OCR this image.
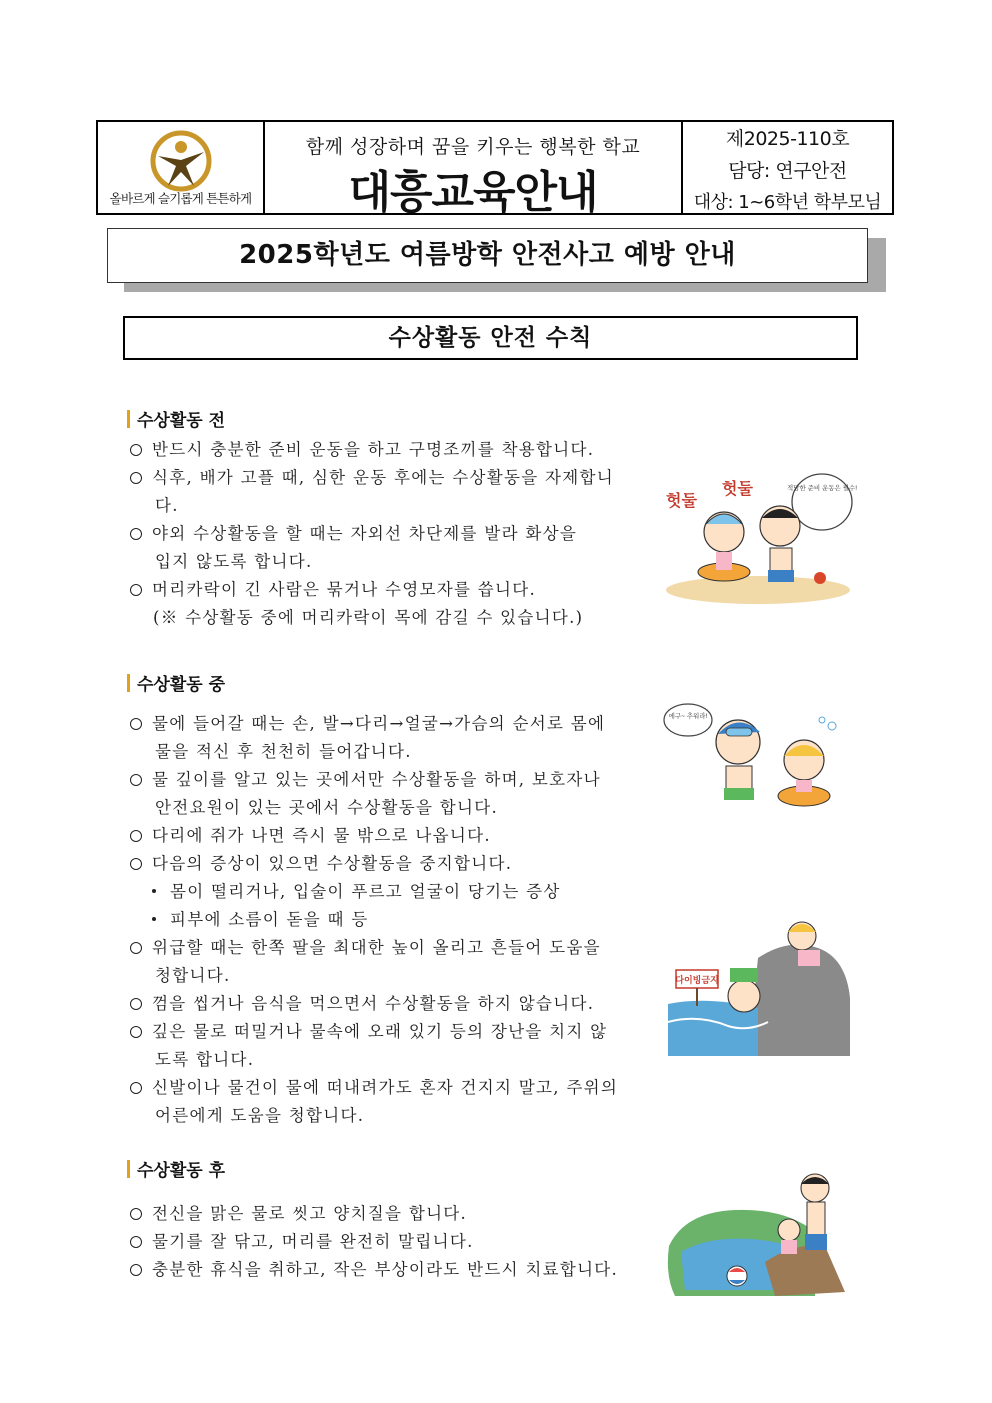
올바르게 슬기롭게 튼튼하게
함께 성장하며 꿈을 키우는 행복한 학교
대흥교육안내
제2025-110호
담당: 연구안전
대상: 1~6학년 학부모님
2025학년도 여름방학 안전사고 예방 안내
수상활동 안전 수칙
수상활동 전
반드시 충분한 준비 운동을 하고 구명조끼를 착용합니다.
식후, 배가 고플 때, 심한 운동 후에는 수상활동을 자제합니
다.
야외 수상활동을 할 때는 자외선 차단제를 발라 화상을
입지 않도록 합니다.
머리카락이 긴 사람은 묶거나 수영모자를 씁니다.
(※ 수상활동 중에 머리카락이 목에 감길 수 있습니다.)
헛둘
헛둘	적당한 준비 운동은 필수!
수상활동 중
물에 들어갈 때는 손, 발→다리→얼굴→가슴의 순서로 몸에
물을 적신 후 천천히 들어갑니다.
물 깊이를 알고 있는 곳에서만 수상활동을 하며, 보호자나
안전요원이 있는 곳에서 수상활동을 합니다.
다리에 쥐가 나면 즉시 물 밖으로 나옵니다.
다음의 증상이 있으면 수상활동을 중지합니다.
몸이 떨리거나, 입술이 푸르고 얼굴이 당기는 증상
피부에 소름이 돋을 때 등
위급할 때는 한쪽 팔을 최대한 높이 올리고 흔들어 도움을
청합니다.
껌을 씹거나 음식을 먹으면서 수상활동을 하지 않습니다.
깊은 물로 떠밀거나 물속에 오래 있기 등의 장난을 치지 않
도록 합니다.
신발이나 물건이 물에 떠내려가도 혼자 건지지 말고, 주위의
어른에게 도움을 청합니다.
에구~ 추워라!
다이빙금지
수상활동 후
전신을 맑은 물로 씻고 양치질을 합니다.
물기를 잘 닦고, 머리를 완전히 말립니다.
충분한 휴식을 취하고, 작은 부상이라도 반드시 치료합니다.
